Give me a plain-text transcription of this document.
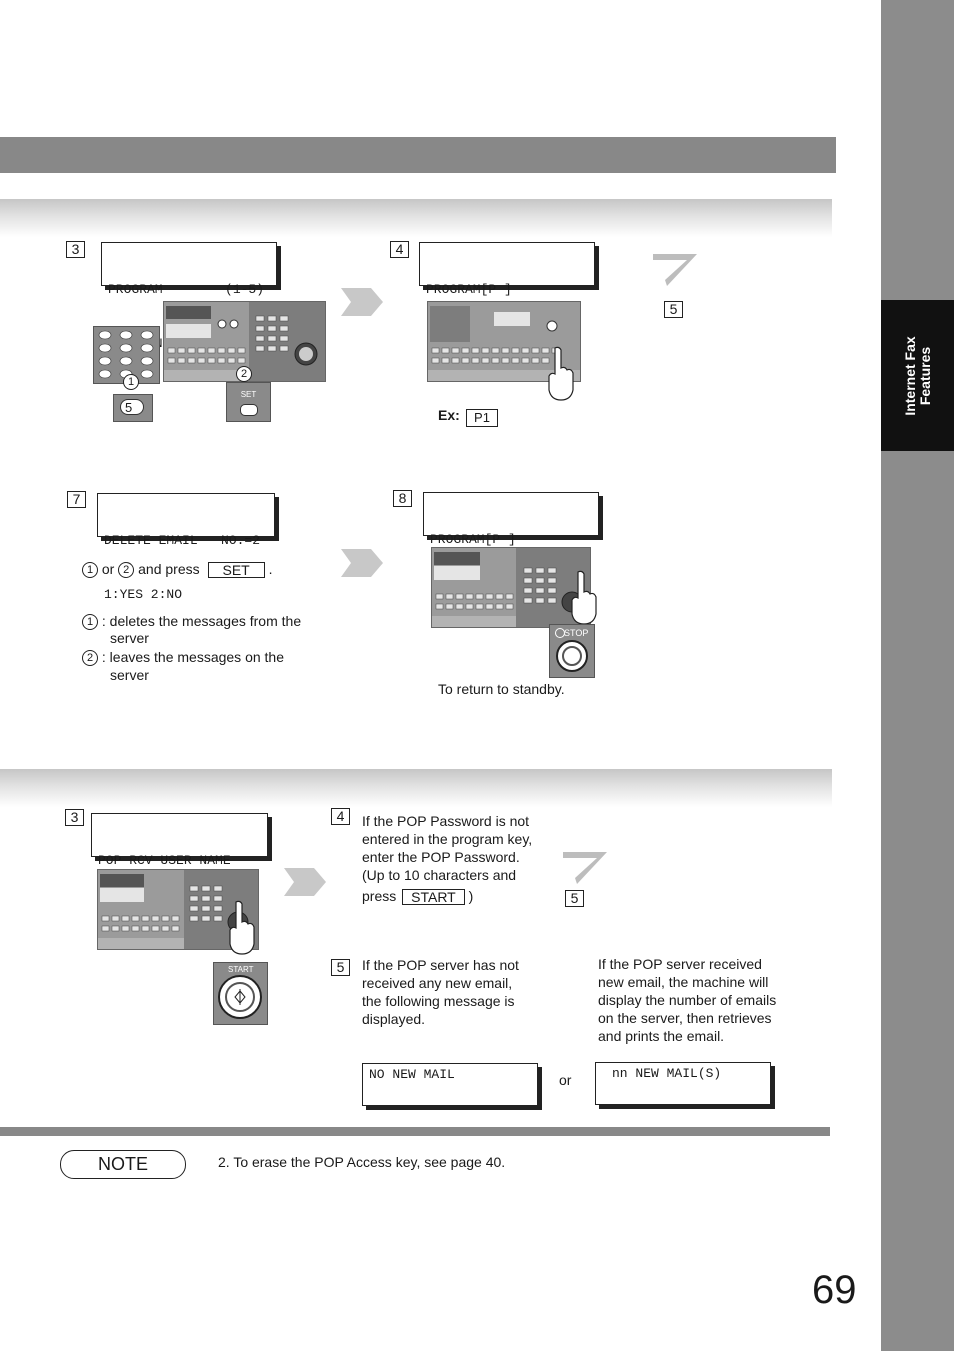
Internet Fax Features
3

PROGRAM        (1-5)

1
5
2
SET
4

PROGRAM[P ]

Ex:	P1
5
7

DELETE EMAIL   NO.=2

1:YES 2:NO

1 or 2 and press SET .
1 : deletes the messages from the
server
2 : leaves the messages on the
server
8

PROGRAM[P ]

STOP
To return to standby.
3

POP RCV USER NAME

START
4	If the POP Password is not
entered in the program key,
enter the POP Password.
(Up to 10 characters and
press START )	5
5	If the POP server has not
received any new email,
the following message is
displayed.
If the POP server received
new email, the machine will
display the number of emails
on the server, then retrieves
and prints the email.
NO NEW MAIL	or	nn NEW MAIL(S)
NOTE	2. To erase the POP Access key, see page 40.
69
